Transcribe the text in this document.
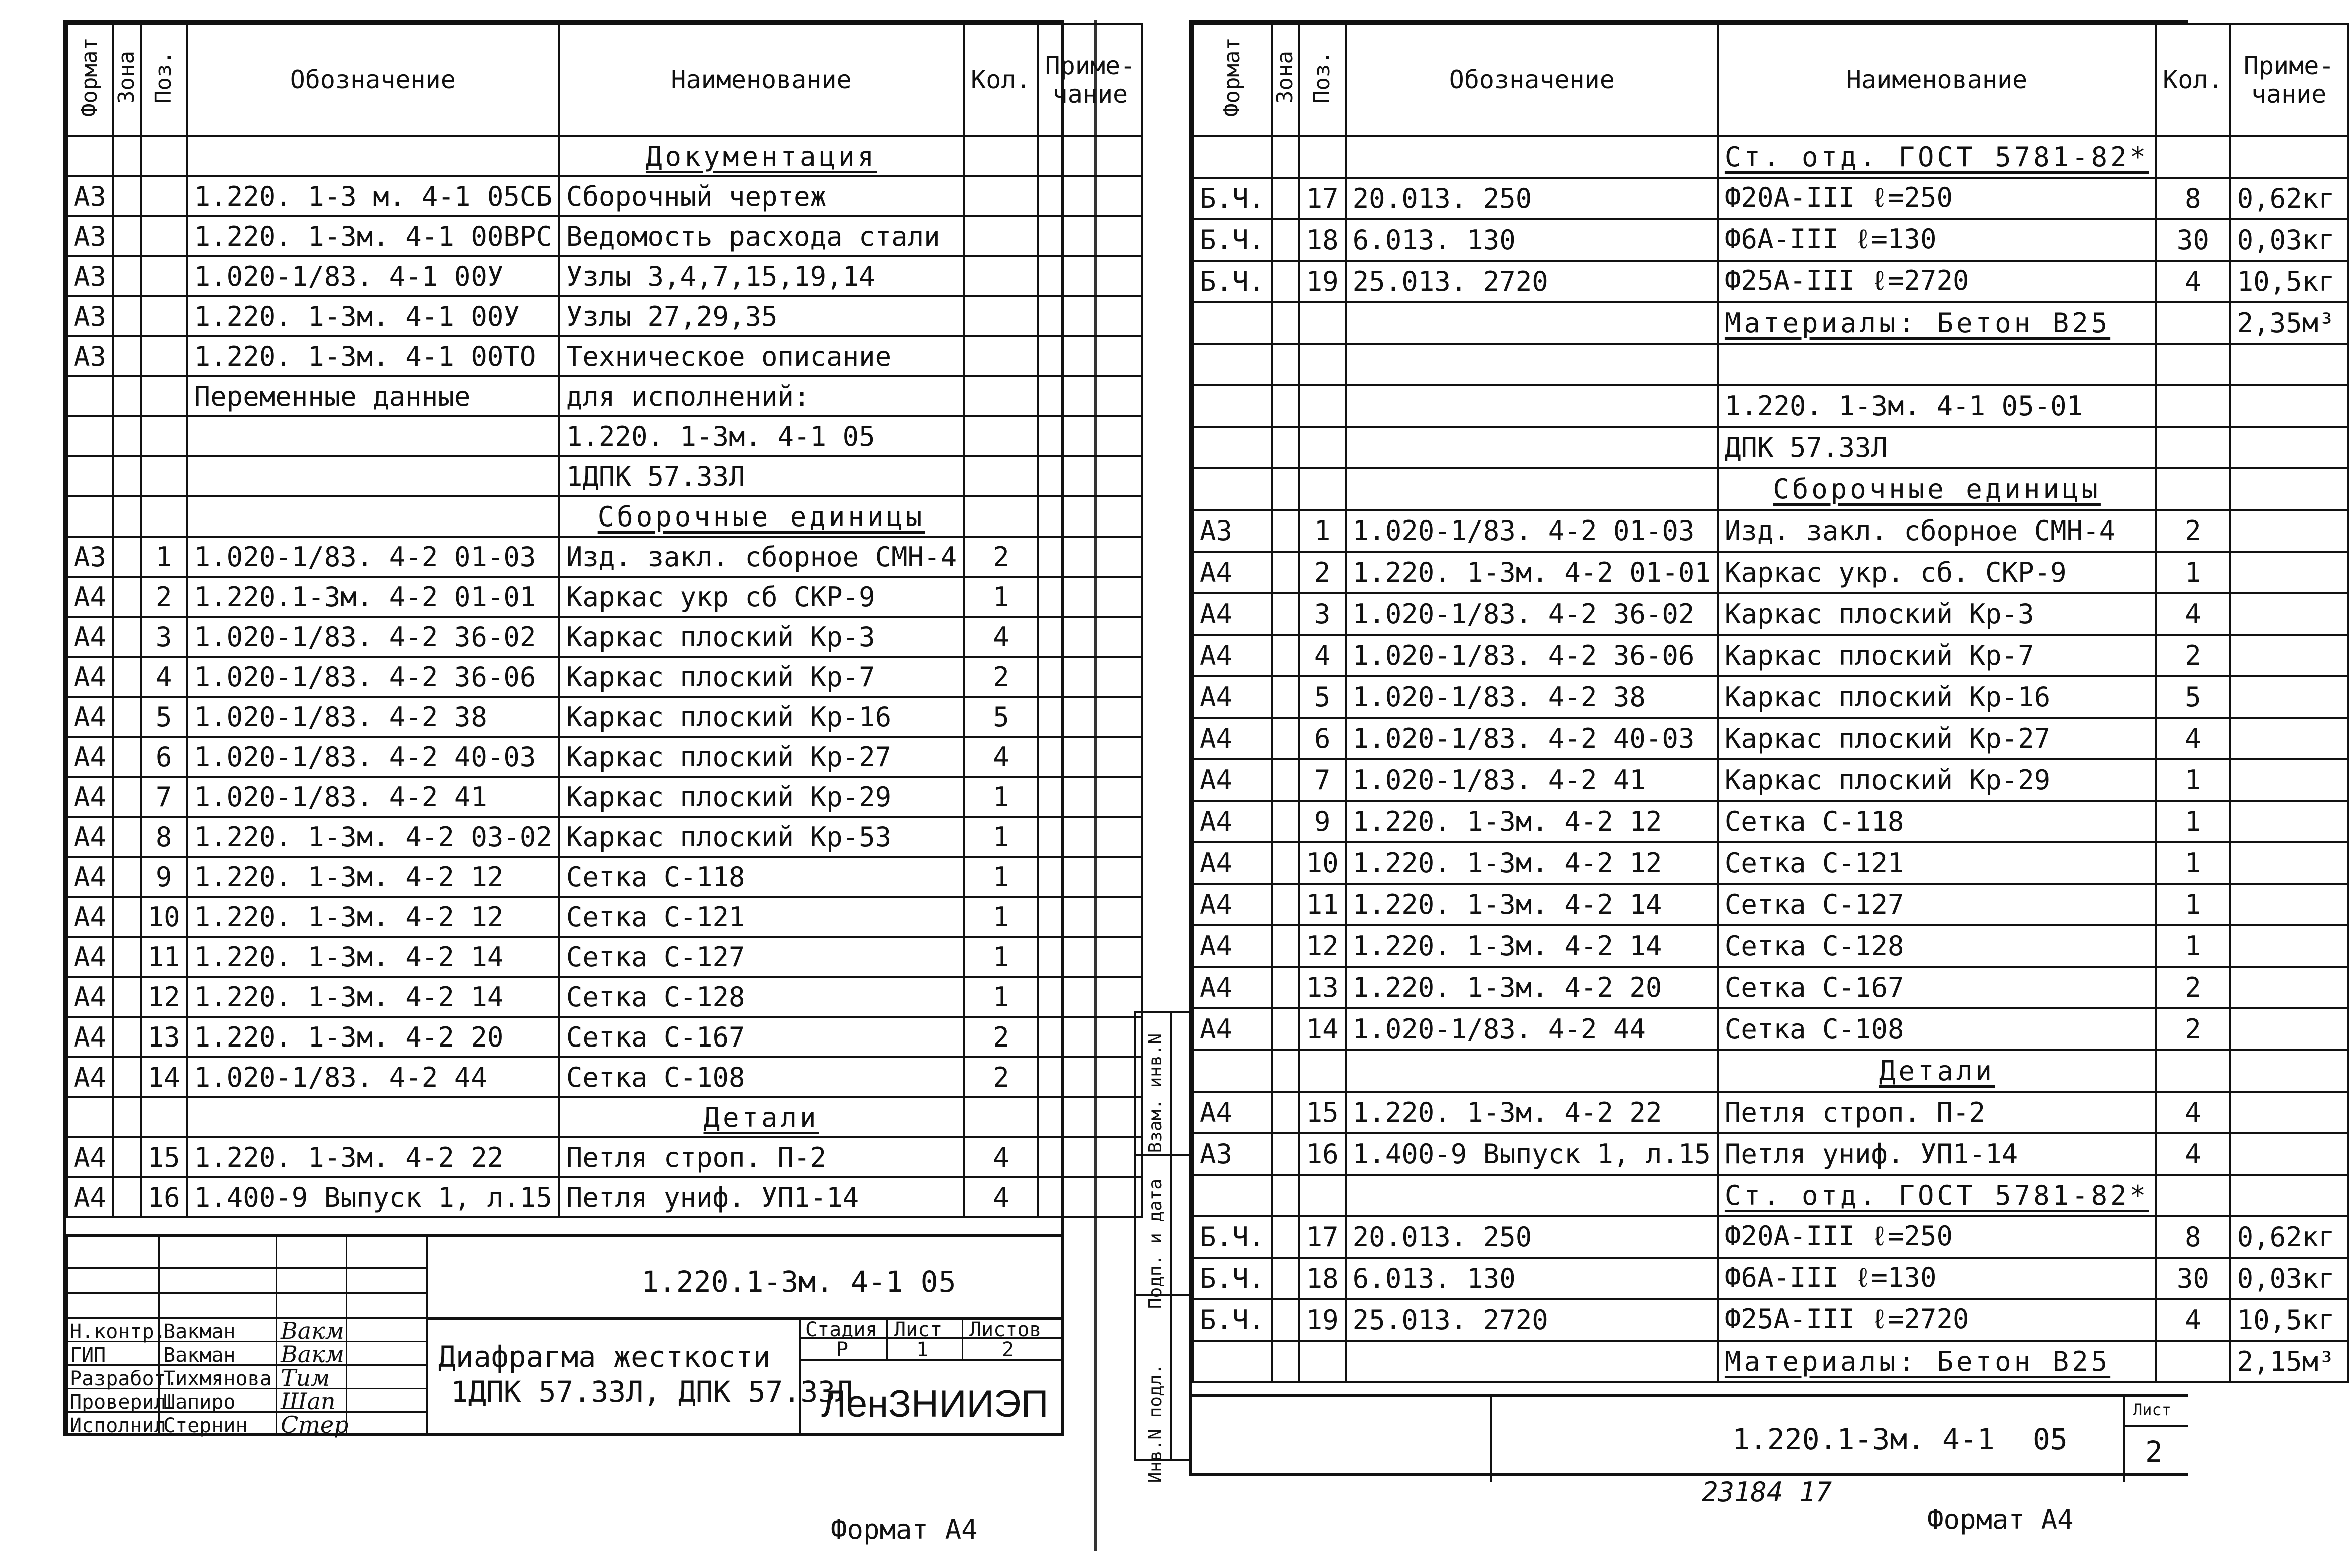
Формат	Зона	Поз.	Обозначение	Наименование	Кол.	Приме-
чание
				Документация		
A3			1.220. 1-3 м. 4-1 05СБ	Сборочный чертеж		
A3			1.220. 1-3м. 4-1 00ВРС	Ведомость расхода стали		
A3			1.020-1/83. 4-1 00У	Узлы 3,4,7,15,19,14		
A3			1.220. 1-3м. 4-1 00У	Узлы 27,29,35		
A3			1.220. 1-3м. 4-1 00ТО	Техническое описание		
			Переменные данные	для исполнений:		
				1.220. 1-3м. 4-1 05		
				1ДПК 57.33Л		
				Сборочные единицы		
A3		1	1.020-1/83. 4-2 01-03	Изд. закл. сборное СМН-4	2	
A4		2	1.220.1-3м. 4-2 01-01	Каркас укр сб СКР-9	1	
A4		3	1.020-1/83. 4-2 36-02	Каркас плоский Кр-3	4	
A4		4	1.020-1/83. 4-2 36-06	Каркас плоский Кр-7	2	
A4		5	1.020-1/83. 4-2 38	Каркас плоский Кр-16	5	
A4		6	1.020-1/83. 4-2 40-03	Каркас плоский Кр-27	4	
A4		7	1.020-1/83. 4-2 41	Каркас плоский Кр-29	1	
A4		8	1.220. 1-3м. 4-2 03-02	Каркас плоский Кр-53	1	
A4		9	1.220. 1-3м. 4-2 12	Сетка С-118	1	
A4		10	1.220. 1-3м. 4-2 12	Сетка С-121	1	
A4		11	1.220. 1-3м. 4-2 14	Сетка С-127	1	
A4		12	1.220. 1-3м. 4-2 14	Сетка С-128	1	
A4		13	1.220. 1-3м. 4-2 20	Сетка С-167	2	
A4		14	1.020-1/83. 4-2 44	Сетка С-108	2	
				Детали		
A4		15	1.220. 1-3м. 4-2 22	Петля строп. П-2	4	
A4		16	1.400-9 Выпуск 1, л.15	Петля униф. УП1-14	4	
1.220.1-3м. 4-1 05
Н.контр.
Вакман Вакм
ГИП	Вакман Вакм
Разработ.
Тихмянова Тим
Проверил
Шапиро Шап
Исполнил
Стернин Стер
Диафрагма жесткости
1ДПК 57.33Л, ДПК 57.33Л
Стадия Лист Листов
Р	1	2
ЛенЗНИИЭП
Формат А4
Инв.N подл.
Подп. и дата
Взам. инв.N
Формат	Зона	Поз.	Обозначение	Наименование	Кол.	Приме-
чание
				Ст. отд. ГОСТ 5781-82*		
Б.Ч.		17	20.013. 250	Ф20А-III ℓ=250	8	0,62кг
Б.Ч.		18	6.013. 130	Ф6А-III ℓ=130	30	0,03кг
Б.Ч.		19	25.013. 2720	Ф25А-III ℓ=2720	4	10,5кг
				Материалы: Бетон В25		2,35м³

				1.220. 1-3м. 4-1 05-01		
				ДПК 57.33Л		
				Сборочные единицы		
A3		1	1.020-1/83. 4-2 01-03	Изд. закл. сборное СМН-4	2	
A4		2	1.220. 1-3м. 4-2 01-01	Каркас укр. сб. СКР-9	1	
A4		3	1.020-1/83. 4-2 36-02	Каркас плоский Кр-3	4	
A4		4	1.020-1/83. 4-2 36-06	Каркас плоский Кр-7	2	
A4		5	1.020-1/83. 4-2 38	Каркас плоский Кр-16	5	
A4		6	1.020-1/83. 4-2 40-03	Каркас плоский Кр-27	4	
A4		7	1.020-1/83. 4-2 41	Каркас плоский Кр-29	1	
A4		9	1.220. 1-3м. 4-2 12	Сетка С-118	1	
A4		10	1.220. 1-3м. 4-2 12	Сетка С-121	1	
A4		11	1.220. 1-3м. 4-2 14	Сетка С-127	1	
A4		12	1.220. 1-3м. 4-2 14	Сетка С-128	1	
A4		13	1.220. 1-3м. 4-2 20	Сетка С-167	2	
A4		14	1.020-1/83. 4-2 44	Сетка С-108	2	
				Детали		
A4		15	1.220. 1-3м. 4-2 22	Петля строп. П-2	4	
A3		16	1.400-9 Выпуск 1, л.15	Петля униф. УП1-14	4	
				Ст. отд. ГОСТ 5781-82*		
Б.Ч.		17	20.013. 250	Ф20А-III ℓ=250	8	0,62кг
Б.Ч.		18	6.013. 130	Ф6А-III ℓ=130	30	0,03кг
Б.Ч.		19	25.013. 2720	Ф25А-III ℓ=2720	4	10,5кг
				Материалы: Бетон В25		2,15м³
1.220.1-3м. 4-1 05
Лист
2
23184 17
Формат А4
